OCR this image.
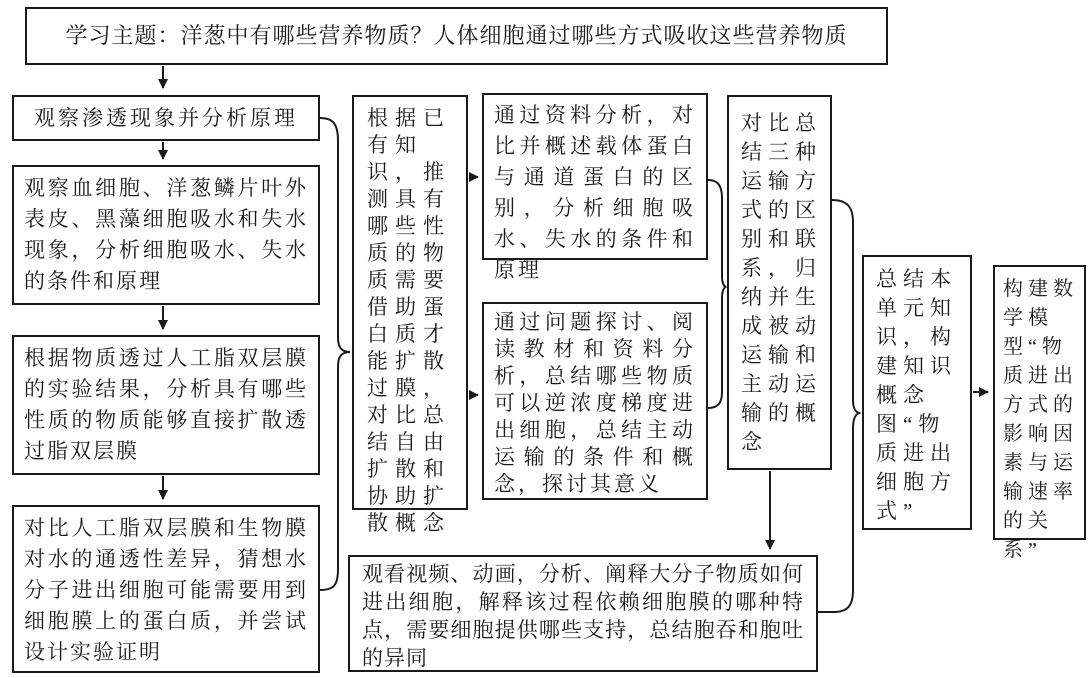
学习主题：洋葱中有哪些营养物质？人体细胞通过哪些方式吸收这些营养物质
观察渗透现象并分析原理
观察血细胞、洋葱鳞片叶外表皮、黑藻细胞吸水和失水现象，分析细胞吸水、失水的条件和原理
根据物质透过人工脂双层膜的实验结果，分析具有哪些性质的物质能够直接扩散透过脂双层膜
对比人工脂双层膜和生物膜对水的通透性差异，猜想水分子进出细胞可能需要用到细胞膜上的蛋白质，并尝试设计实验证明
根据已有知识，推测具有哪些性质的物质需要借助蛋白质才能扩散过膜，对比总结自由扩散和协助扩散概念
通过资料分析，对比并概述载体蛋白与通道蛋白的区别，分析细胞吸水、失水的条件和原理
通过问题探讨、阅读教材和资料分析，总结哪些物质可以逆浓度梯度进出细胞，总结主动运输的条件和概念，探讨其意义
对比总结三种运输方式的区别和联系，归纳并生成被动运输和主动运输的概念
总结本单元知识，构建知识概念图“物质进出细胞方式”
构建数学模型“物质进出方式的影响因素与运输速率的关系”
观看视频、动画，分析、阐释大分子物质如何进出细胞，解释该过程依赖细胞膜的哪种特点，需要细胞提供哪些支持，总结胞吞和胞吐的异同
